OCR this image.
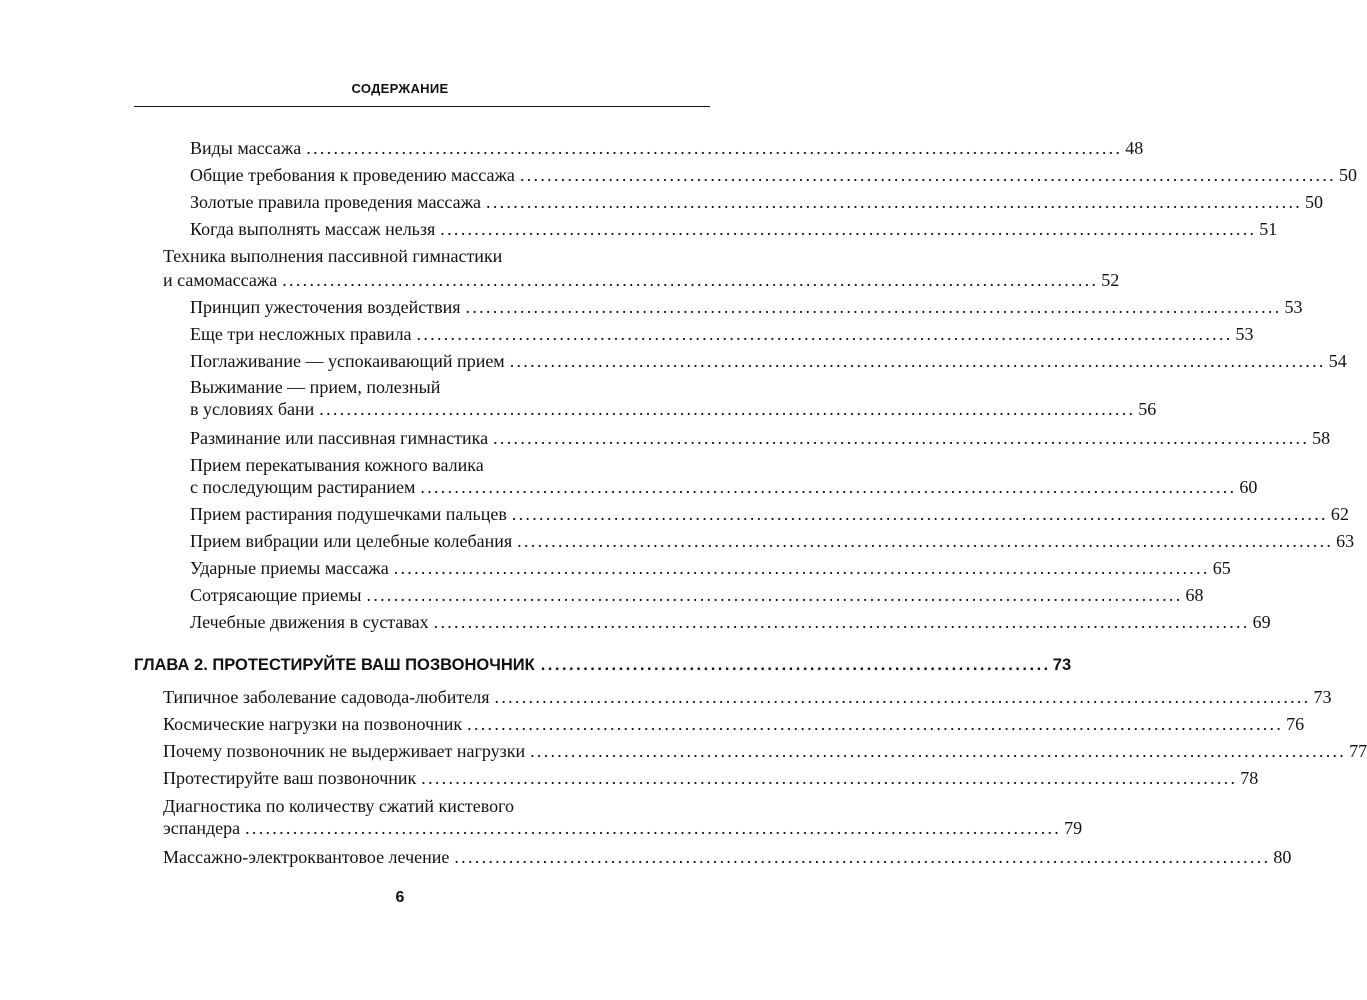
СОДЕРЖАНИЕ
Виды массажа ........................................................................................................................ 48
Общие требования к проведению массажа ........................................................................................................................ 50
Золотые правила проведения массажа ........................................................................................................................ 50
Когда выполнять массаж нельзя ........................................................................................................................ 51
Техника выполнения пассивной гимнастики
и самомассажа ........................................................................................................................ 52
Принцип ужесточения воздействия ........................................................................................................................ 53
Еще три несложных правила ........................................................................................................................ 53
Поглаживание — успокаивающий прием ........................................................................................................................ 54
Выжимание — прием, полезный
в условиях бани ........................................................................................................................ 56
Разминание или пассивная гимнастика ........................................................................................................................ 58
Прием перекатывания кожного валика
с последующим растиранием ........................................................................................................................ 60
Прием растирания подушечками пальцев ........................................................................................................................ 62
Прием вибрации или целебные колебания ........................................................................................................................ 63
Ударные приемы массажа ........................................................................................................................ 65
Сотрясающие приемы ........................................................................................................................ 68
Лечебные движения в суставах ........................................................................................................................ 69
ГЛАВА 2. ПРОТЕСТИРУЙТЕ ВАШ ПОЗВОНОЧНИК ........................................................................ 73
Типичное заболевание садовода-любителя ........................................................................................................................ 73
Космические нагрузки на позвоночник ........................................................................................................................ 76
Почему позвоночник не выдерживает нагрузки ........................................................................................................................ 77
Протестируйте ваш позвоночник ........................................................................................................................ 78
Диагностика по количеству сжатий кистевого
эспандера ........................................................................................................................ 79
Массажно-электроквантовое лечение ........................................................................................................................ 80
6
